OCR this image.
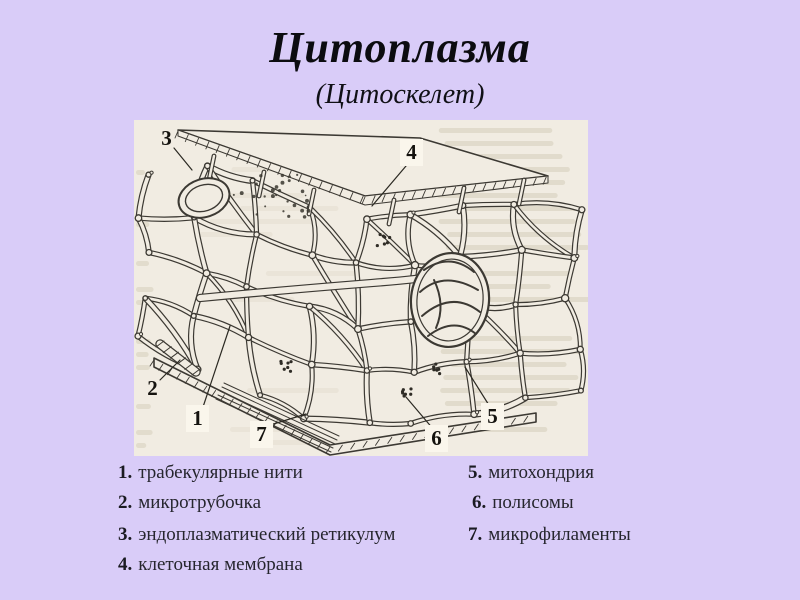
Цитоплазма
(Цитоскелет)
3
4
2
1
7	6
5
1. трабекулярные нити
2. микротрубочка
3. эндоплазматический ретикулум
4. клеточная мембрана
5. митохондрия
6. полисомы
7. микрофиламенты
